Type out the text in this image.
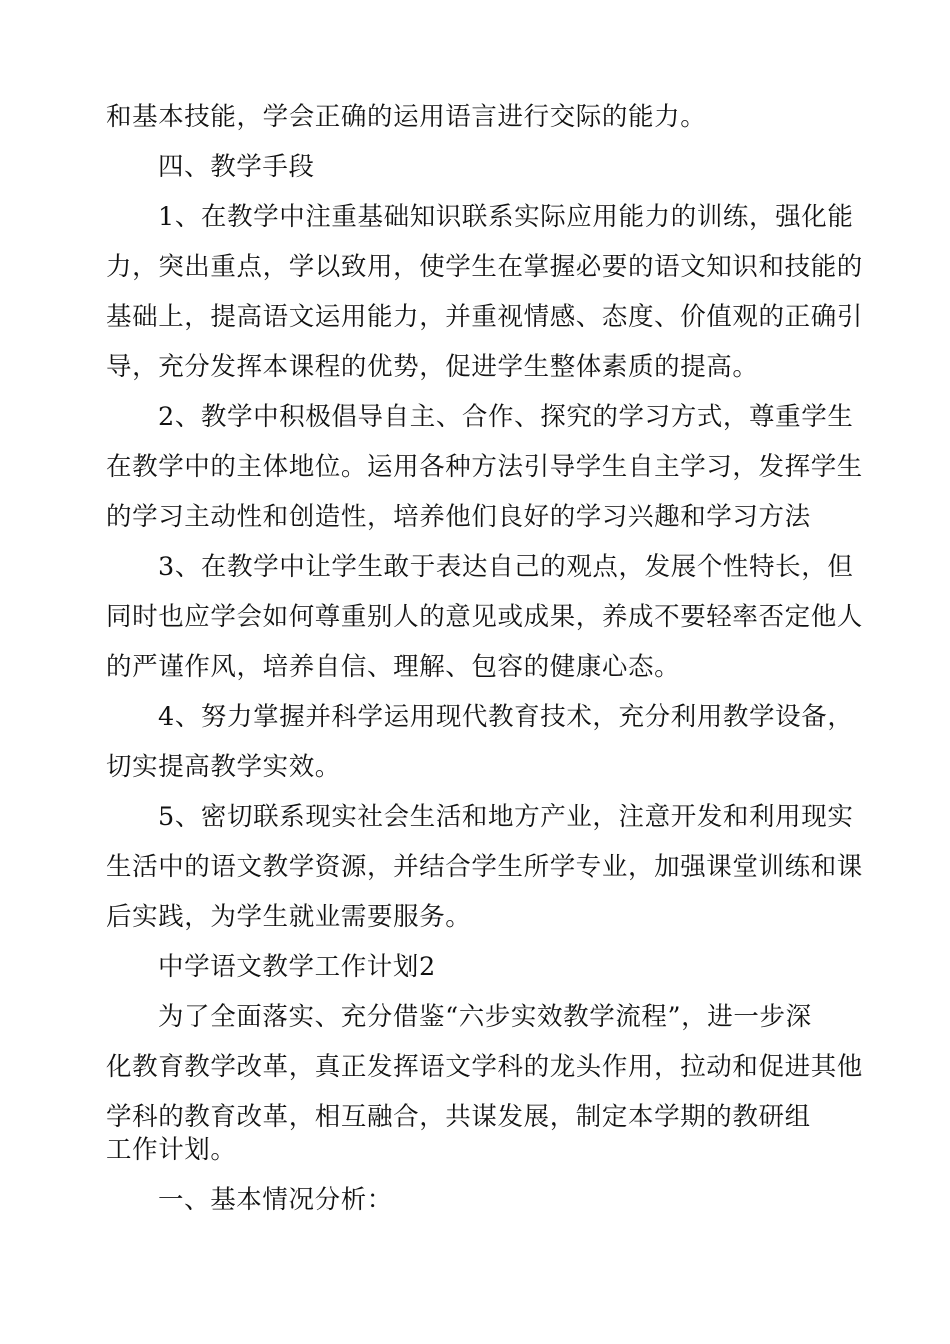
和基本技能，学会正确的运用语言进行交际的能力。
四、教学手段
1、在教学中注重基础知识联系实际应用能力的训练，强化能
力，突出重点，学以致用，使学生在掌握必要的语文知识和技能的
基础上，提高语文运用能力，并重视情感、态度、价值观的正确引
导，充分发挥本课程的优势，促进学生整体素质的提高。
2、教学中积极倡导自主、合作、探究的学习方式，尊重学生
在教学中的主体地位。运用各种方法引导学生自主学习，发挥学生
的学习主动性和创造性，培养他们良好的学习兴趣和学习方法
3、在教学中让学生敢于表达自己的观点，发展个性特长，但
同时也应学会如何尊重别人的意见或成果，养成不要轻率否定他人
的严谨作风，培养自信、理解、包容的健康心态。
4、努力掌握并科学运用现代教育技术，充分利用教学设备，
切实提高教学实效。
5、密切联系现实社会生活和地方产业，注意开发和利用现实
生活中的语文教学资源，并结合学生所学专业，加强课堂训练和课
后实践，为学生就业需要服务。
中学语文教学工作计划2
为了全面落实、充分借鉴“六步实效教学流程”，进一步深
化教育教学改革，真正发挥语文学科的龙头作用，拉动和促进其他
学科的教育改革，相互融合，共谋发展，制定本学期的教研组
工作计划。
一、基本情况分析：
